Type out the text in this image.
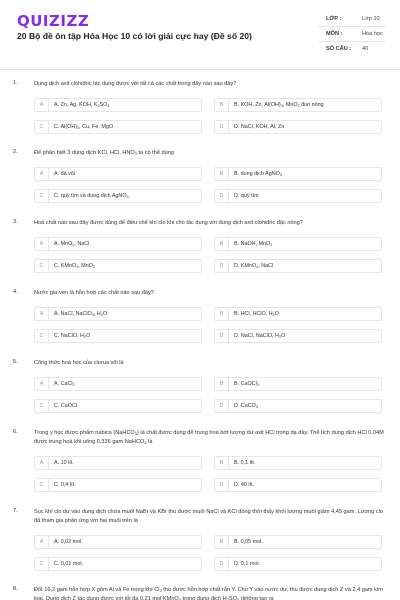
QUIZIZZ
20 Bộ đề ôn tập Hóa Học 10 có lời giải cực hay (Đề số 20)
LỚP :	Lớp 10
MÔN :	Hóa học
SỐ CÂU : 40
1.	Dung dịch axit clohiđric tác dụng được với tất cả các chất trong dãy nào sau đây?
A	A. Zn, Ag, KOH, $K_2SO_4$	B	B. KOH, Zn, $Al(OH)_3$, MnO$_2$ đun nóng
C	C. $Al(OH)_3$, Cu, Fe, MgO	D	D. NaCl, KOH, Al, Zn
2.	Để phân biệt 3 dung dịch KCl, HCl, $HNO_3$ ta có thể dùng
A	A. đá vôi	B	B. dung dịch AgNO$_3$
C	C. quỳ tím và dung dịch AgNO$_3$	D	D. quỳ tím
3.	Hoá chất nào sau đây được dùng để điều chế khí clo khi cho tác dụng với dung dịch axit clohiđric đặc nóng?
A	A. MnO$_2$, NaCl.	B	B. NaOH, MnO$_2$
C	C. KMnO$_4$, MnO$_2$	D	D. KMnO$_4$, NaCl
4.	Nước gia-ven là hỗn hợp các chất nào sau đây?
A	A. NaCl, NaClO$_3$, $H_2O$	B	B. HCl, HClO, $H_2O$
C	C. NaClO, $H_2O$	D	D. NaCl, NaClO, $H_2O$
5.	Công thức hoá học của clorua vôi là
A	A. CaCl$_2$	B	B. CaOCl$_2$.
C	C. CaOCl.	D	D. CaCO$_3$
6.	Trong y học được phẩm nabica (NaHCO$_3$) là chất được dùng để trung hoà bớt lượng dư axit HCl trong dạ dày. Thể tích dung dịch HCl 0,04M được trung hoà khi uống 0,336 gam NaHCO$_3$ là
A	A. 10 lít.	B	B. 0,1 lít.
C	C. 0,4 lít.	D	D. 40 lít.
7.	Sục khí clo dư vào dung dịch chứa muối NaBr và KBr thu được muối NaCl và KCl đồng thời thấy khối lượng muối giảm 4,45 gam. Lượng clo đã tham gia phản ứng với hai muối trên là
A	A. 0,02 mol.	B	B. 0,05 mol.
C	C. 0,01 mol.	D	D. 0,1 mol.
8.	Đốt 16,2 gam hỗn hợp X gồm Al và Fe trong khí $Cl_2$ thu được hỗn hợp chất rắn Y. Cho Y vào nước dư, thu được dung dịch Z và 2,4 gam kim loại. Dung dịch Z tác dụng được với tối đa 0,21 mol KMnO$_4$ trong dung dịch $H_2SO_4$ (không tạo ra
